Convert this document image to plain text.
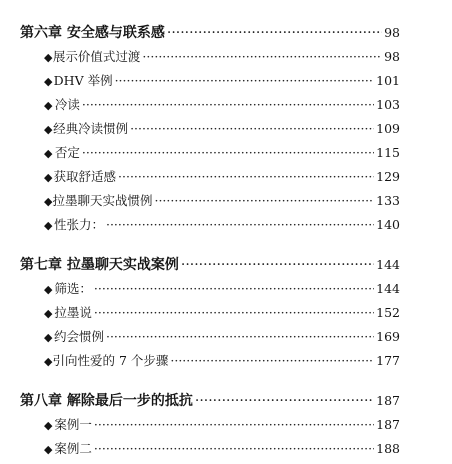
第六章 安全感与联系感 ·····	98
◆ 展示价值式过渡 ·····	98
◆ DHV 举例 ·····	101
◆ 冷读 ·····	103
◆ 经典冷读惯例 ·····	109
◆ 否定 ·····	115
◆ 获取舒适感 ·····	129
◆ 拉墨聊天实战惯例 ·····	133
◆ 性张力： ·····	140
第七章 拉墨聊天实战案例 ·····	144
◆ 筛选： ·····	144
◆ 拉墨说 ·····	152
◆ 约会惯例 ·····	169
◆ 引向性爱的 7 个步骤 ·····	177
第八章 解除最后一步的抵抗 ·····	187
◆ 案例一 ·····	187
◆ 案例二 ·····	188
